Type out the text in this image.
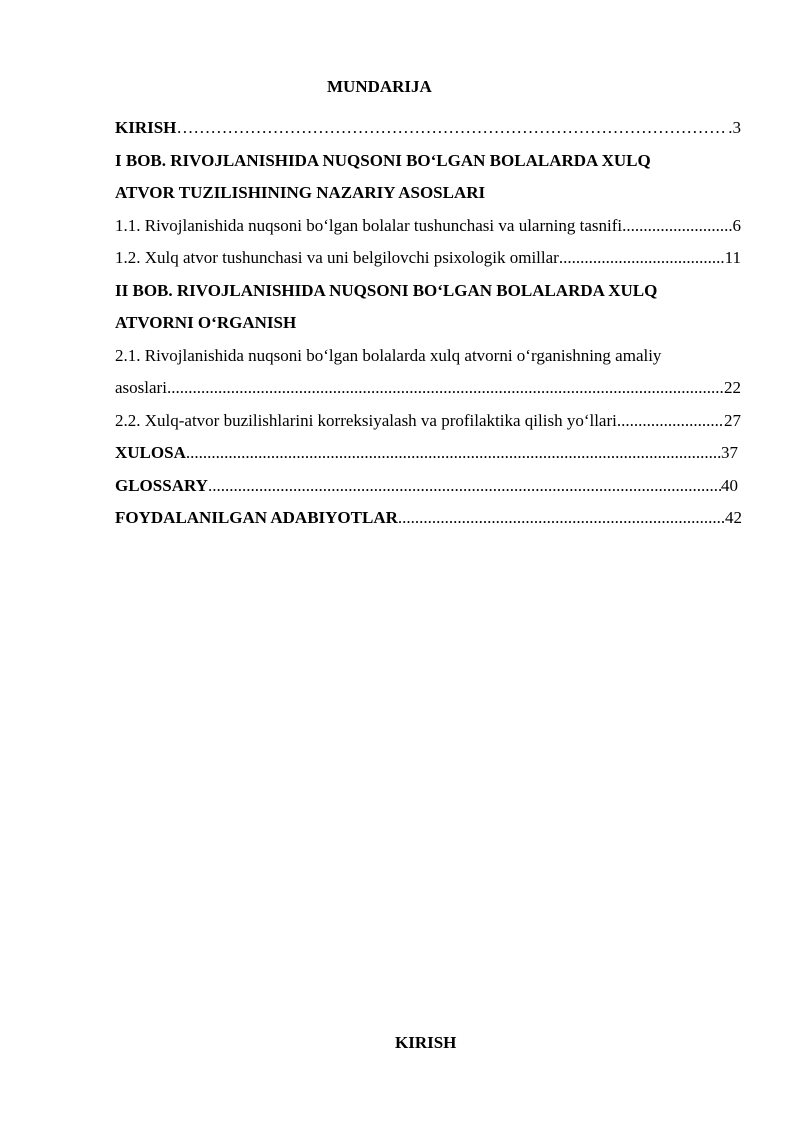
MUNDARIJA
KIRISH ……………………………………………………………………………………………………………………………………………………………………………………………………………………	.3
I BOB. RIVOJLANISHIDA NUQSONI BO‘LGAN BOLALARDA XULQ
ATVOR TUZILISHINING NAZARIY ASOSLARI
1.1. Rivojlanishida nuqsoni bo‘lgan bolalar tushunchasi va ularning tasnifi .....	6
1.2. Xulq atvor tushunchasi va uni belgilovchi psixologik omillar .....	11
II BOB. RIVOJLANISHIDA NUQSONI BO‘LGAN BOLALARDA XULQ
ATVORNI O‘RGANISH
2.1. Rivojlanishida nuqsoni bo‘lgan bolalarda xulq atvorni o‘rganishning amaliy
asoslari .....	22
2.2. Xulq-atvor buzilishlarini korreksiyalash va profilaktika qilish yo‘llari .....	27
XULOSA .....	37
GLOSSARY .....	40
FOYDALANILGAN ADABIYOTLAR .....	42
KIRISH
